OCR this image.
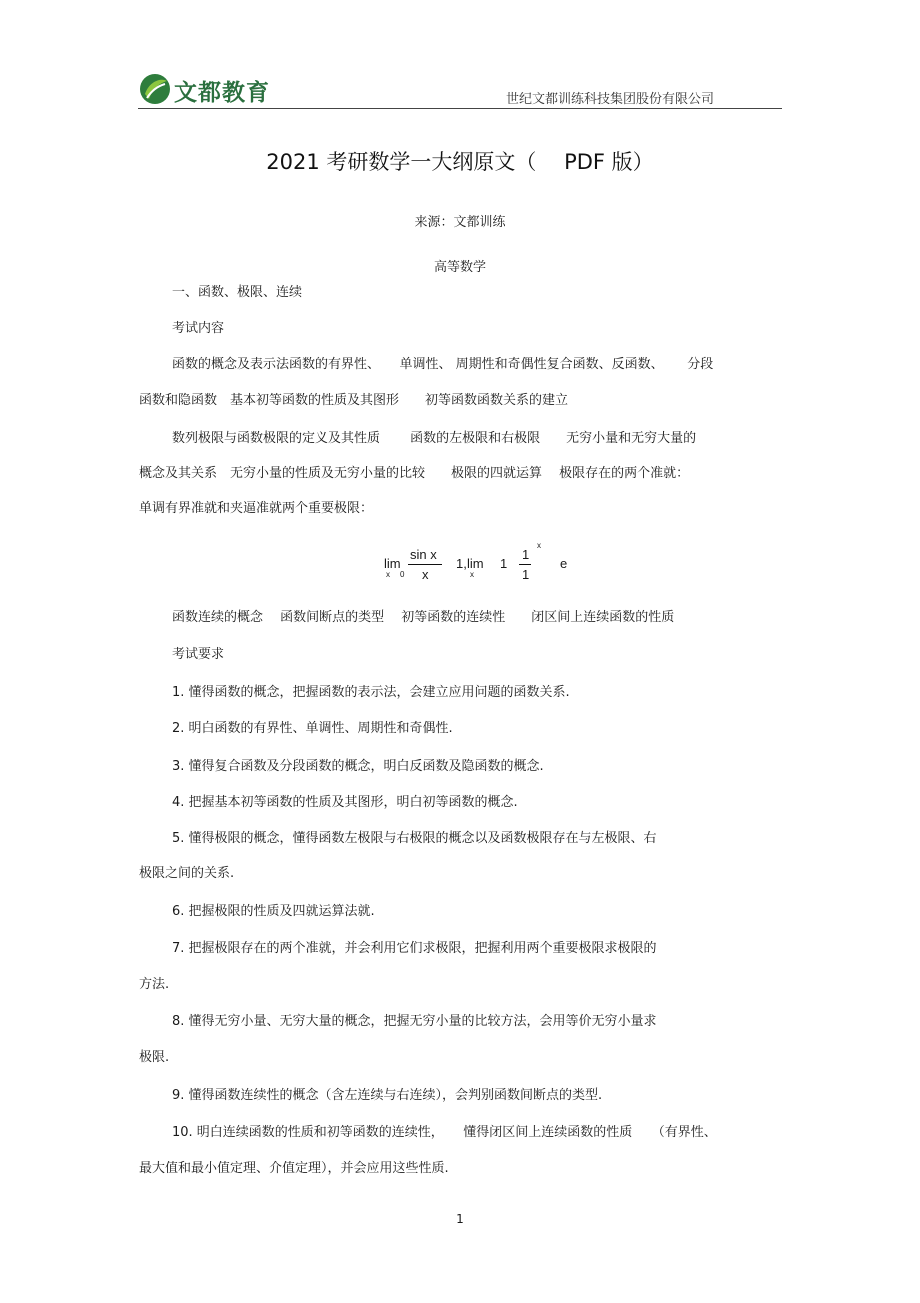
文都教育	世纪文都训练科技集团股份有限公司
2021 考研数学一大纲原文（　 PDF 版）
来源：文都训练
高等数学
一、函数、极限、连续
考试内容
函数的概念及表示法函数的有界性、　　单调性、 周期性和奇偶性复合函数、反函数、　　 分段
函数和隐函数　基本初等函数的性质及其图形　　初等函数函数关系的建立
数列极限与函数极限的定义及其性质　　 函数的左极限和右极限　　无穷小量和无穷大量的
概念及其关系　无穷小量的性质及无穷小量的比较　　极限的四就运算　 极限存在的两个准就：
单调有界准就和夹逼准就两个重要极限：
lim
x 0
sin x
x
1, lim
x
1
1
1
x
e
函数连续的概念　 函数间断点的类型　 初等函数的连续性　　闭区间上连续函数的性质
考试要求
1. 懂得函数的概念，把握函数的表示法，会建立应用问题的函数关系.
2. 明白函数的有界性、单调性、周期性和奇偶性.
3. 懂得复合函数及分段函数的概念，明白反函数及隐函数的概念.
4. 把握基本初等函数的性质及其图形，明白初等函数的概念.
5. 懂得极限的概念，懂得函数左极限与右极限的概念以及函数极限存在与左极限、右
极限之间的关系.
6. 把握极限的性质及四就运算法就.
7. 把握极限存在的两个准就，并会利用它们求极限，把握利用两个重要极限求极限的
方法.
8. 懂得无穷小量、无穷大量的概念，把握无穷小量的比较方法，会用等价无穷小量求
极限.
9. 懂得函数连续性的概念（含左连续与右连续），会判别函数间断点的类型.
10. 明白连续函数的性质和初等函数的连续性，　　懂得闭区间上连续函数的性质　　（有界性、
最大值和最小值定理、介值定理），并会应用这些性质.
1
